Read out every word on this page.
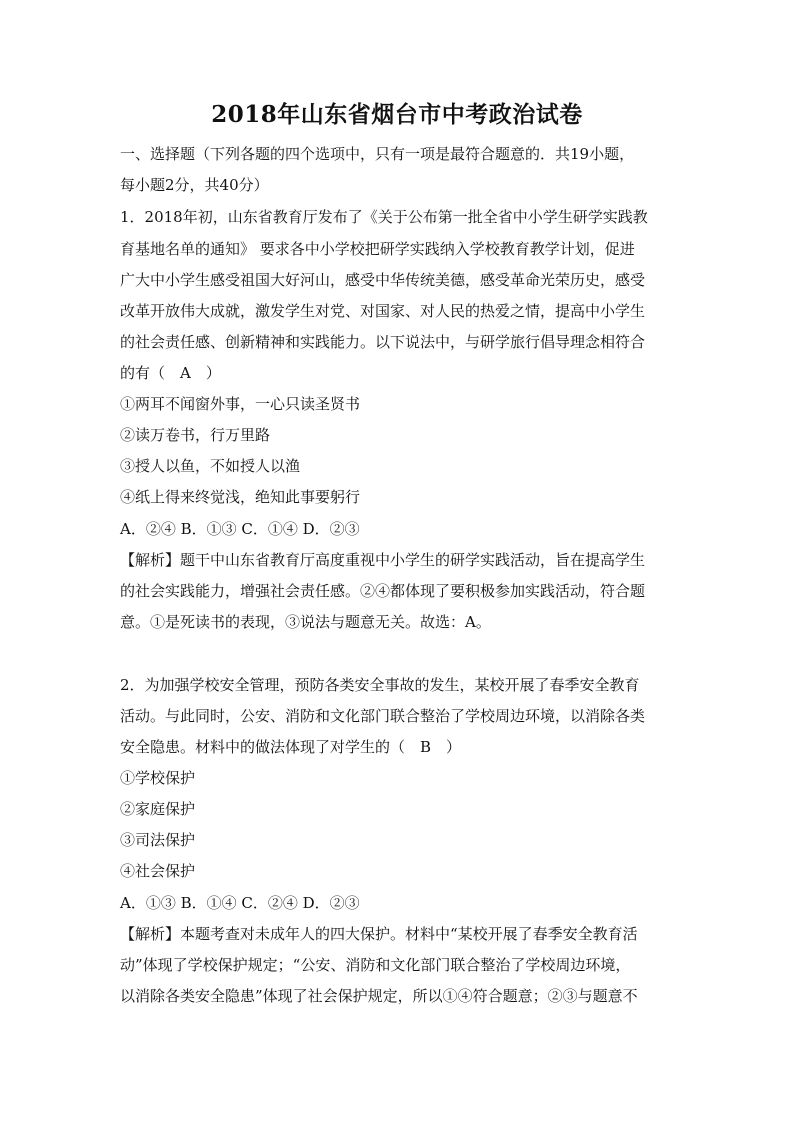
2018年山东省烟台市中考政治试卷
一、选择题（下列各题的四个选项中，只有一项是最符合题意的．共19小题，
每小题2分，共40分）
1．2018年初，山东省教育厅发布了《关于公布第一批全省中小学生研学实践教
育基地名单的通知》 要求各中小学校把研学实践纳入学校教育教学计划，促进
广大中小学生感受祖国大好河山，感受中华传统美德，感受革命光荣历史，感受
改革开放伟大成就，激发学生对党、对国家、对人民的热爱之情，提高中小学生
的社会责任感、创新精神和实践能力。以下说法中，与研学旅行倡导理念相符合
的有（　A　）
①两耳不闻窗外事，一心只读圣贤书
②读万卷书，行万里路
③授人以鱼，不如授人以渔
④纸上得来终觉浅，绝知此事要躬行
A．②④ B．①③ C．①④ D．②③
【解析】题干中山东省教育厅高度重视中小学生的研学实践活动，旨在提高学生
的社会实践能力，增强社会责任感。②④都体现了要积极参加实践活动，符合题
意。①是死读书的表现，③说法与题意无关。故选：A。
2．为加强学校安全管理，预防各类安全事故的发生，某校开展了春季安全教育
活动。与此同时，公安、消防和文化部门联合整治了学校周边环境，以消除各类
安全隐患。材料中的做法体现了对学生的（　B　）
①学校保护
②家庭保护
③司法保护
④社会保护
A．①③ B．①④ C．②④ D．②③
【解析】本题考查对未成年人的四大保护。材料中“某校开展了春季安全教育活
动”体现了学校保护规定；“公安、消防和文化部门联合整治了学校周边环境，
以消除各类安全隐患”体现了社会保护规定，所以①④符合题意；②③与题意不
